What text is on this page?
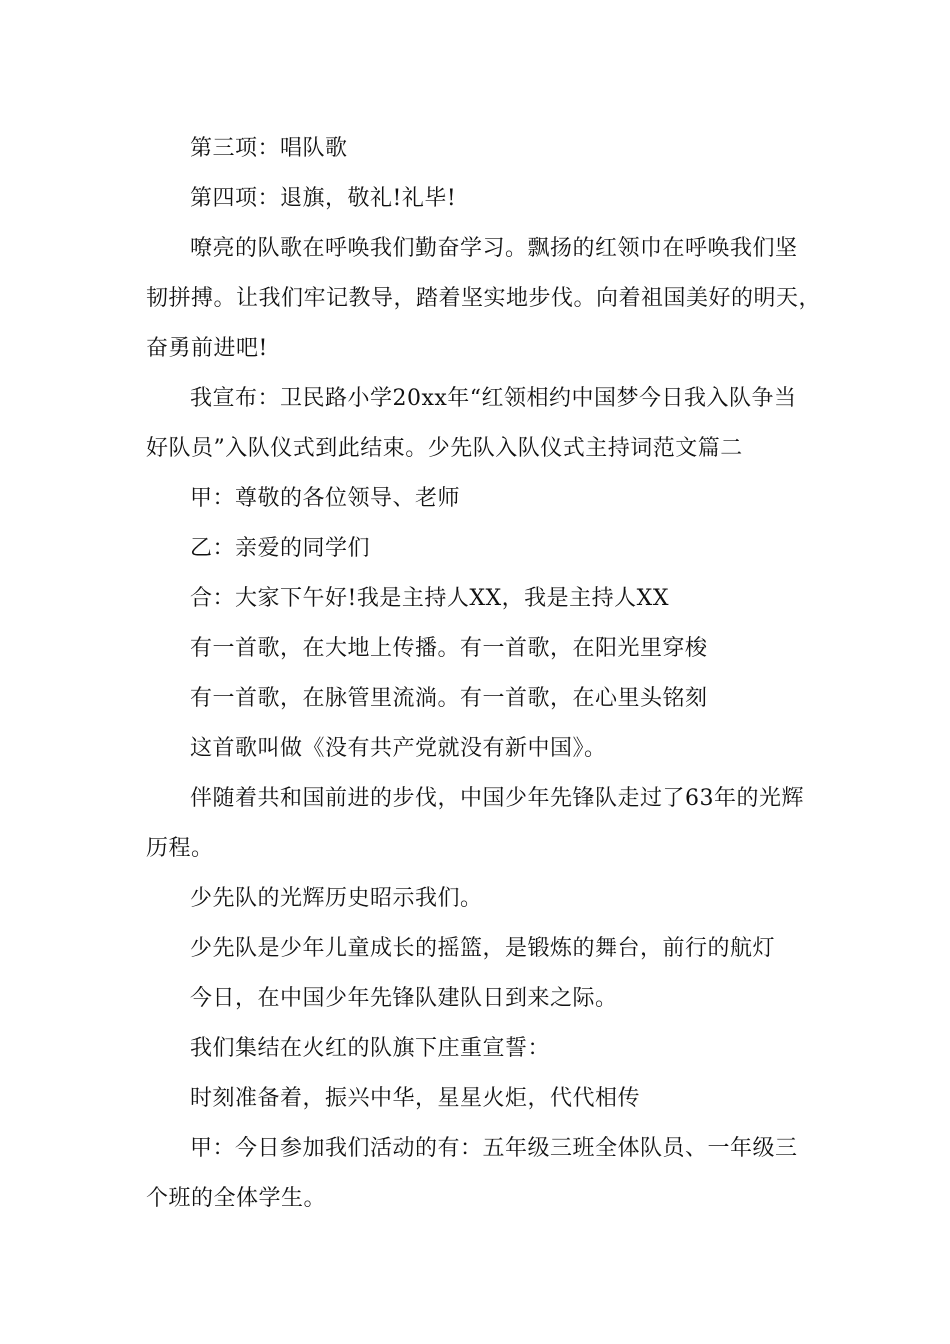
第三项：唱队歌
第四项：退旗，敬礼!礼毕!
嘹亮的队歌在呼唤我们勤奋学习。飘扬的红领巾在呼唤我们坚
韧拼搏。让我们牢记教导，踏着坚实地步伐。向着祖国美好的明天，
奋勇前进吧!
我宣布：卫民路小学20xx年“红领相约中国梦今日我入队争当
好队员”入队仪式到此结束。少先队入队仪式主持词范文篇二
甲：尊敬的各位领导、老师
乙：亲爱的同学们
合：大家下午好!我是主持人XX，我是主持人XX
有一首歌，在大地上传播。有一首歌，在阳光里穿梭
有一首歌，在脉管里流淌。有一首歌，在心里头铭刻
这首歌叫做《没有共产党就没有新中国》。
伴随着共和国前进的步伐，中国少年先锋队走过了63年的光辉
历程。
少先队的光辉历史昭示我们。
少先队是少年儿童成长的摇篮，是锻炼的舞台，前行的航灯
今日，在中国少年先锋队建队日到来之际。
我们集结在火红的队旗下庄重宣誓：
时刻准备着，振兴中华，星星火炬，代代相传
甲：今日参加我们活动的有：五年级三班全体队员、一年级三
个班的全体学生。
